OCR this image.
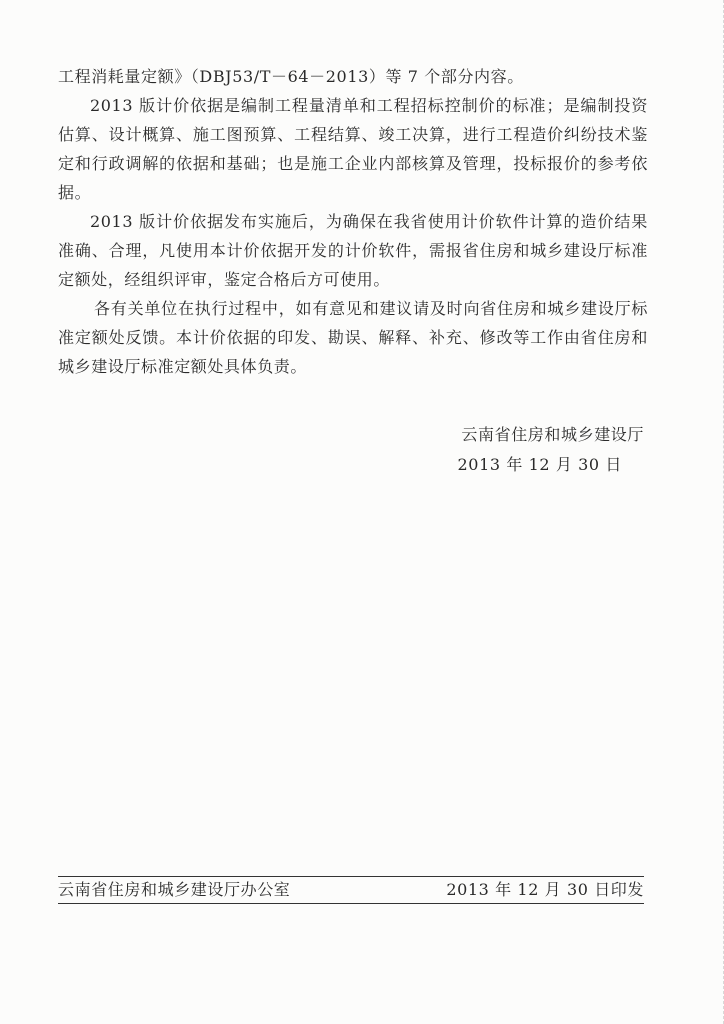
工程消耗量定额》（DBJ53/T－64－2013）等 7 个部分内容。

2013 版计价依据是编制工程量清单和工程招标控制价的标准；是编制投资估算、设计概算、施工图预算、工程结算、竣工决算，进行工程造价纠纷技术鉴定和行政调解的依据和基础；也是施工企业内部核算及管理，投标报价的参考依据。

2013 版计价依据发布实施后，为确保在我省使用计价软件计算的造价结果准确、合理，凡使用本计价依据开发的计价软件，需报省住房和城乡建设厅标准定额处，经组织评审，鉴定合格后方可使用。

各有关单位在执行过程中，如有意见和建议请及时向省住房和城乡建设厅标准定额处反馈。本计价依据的印发、勘误、解释、补充、修改等工作由省住房和城乡建设厅标准定额处具体负责。

云南省住房和城乡建设厅
2013 年 12 月 30 日
云南省住房和城乡建设厅办公室	2013 年 12 月 30 日印发
